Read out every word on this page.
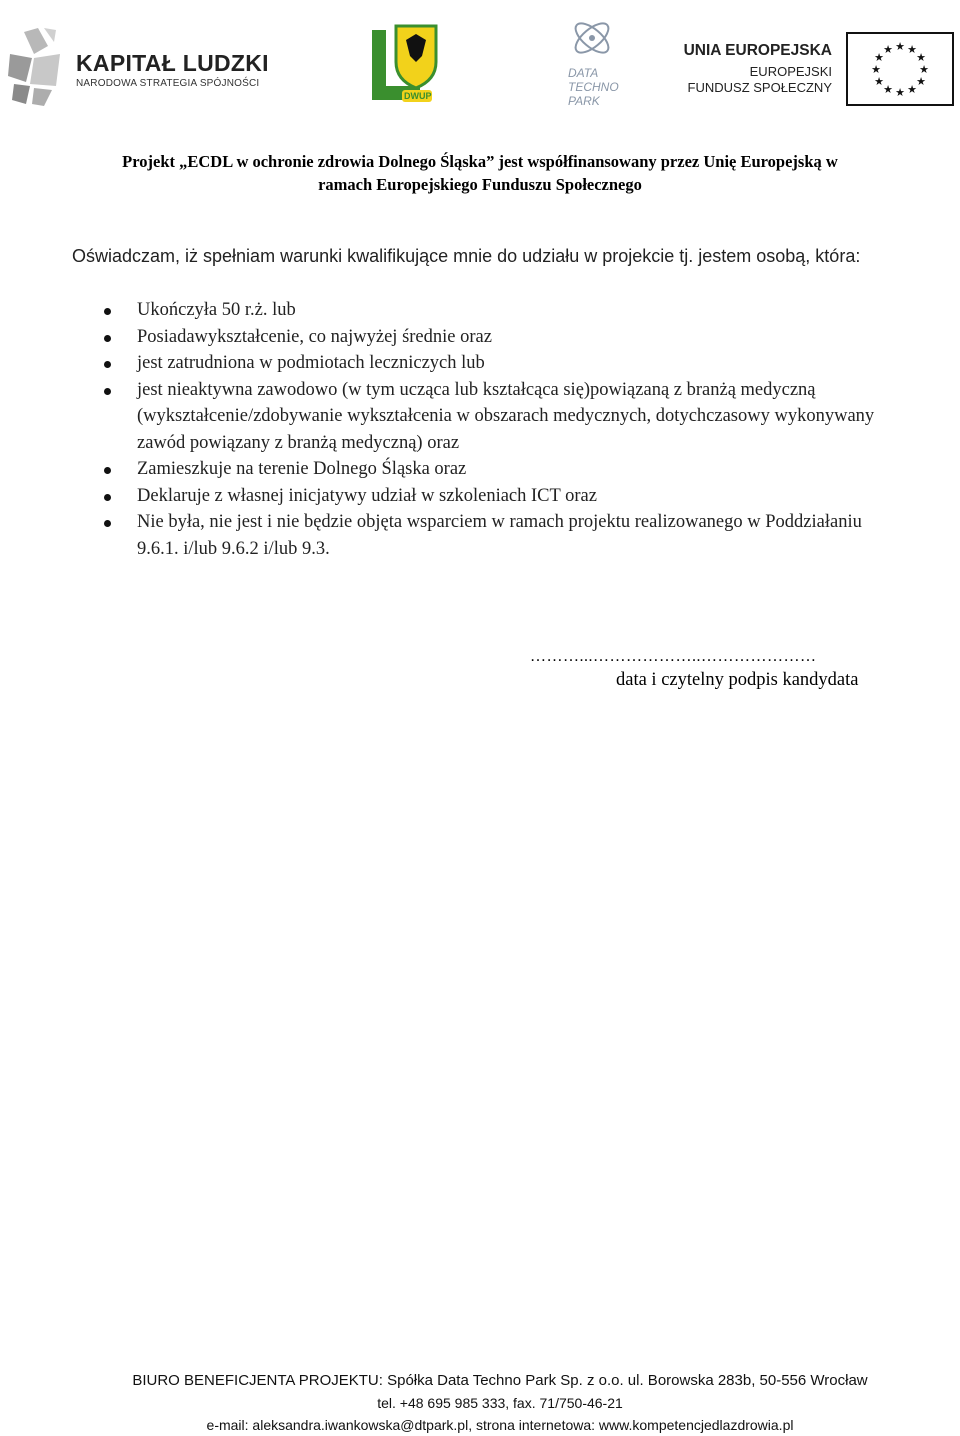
KAPITAŁ LUDZKI
NARODOWA STRATEGIA SPÓJNOŚCI
DWUP
DATA
TECHNO
PARK
UNIA EUROPEJSKA
EUROPEJSKI
FUNDUSZ SPOŁECZNY
★ ★
★
★
★
★
★
★
★
★
★
★
Projekt „ECDL w ochronie zdrowia Dolnego Śląska” jest współfinansowany przez Unię Europejską w
ramach Europejskiego Funduszu Społecznego
Oświadczam, iż spełniam warunki kwalifikujące mnie do udziału w projekcie tj. jestem osobą, która:
Ukończyła 50 r.ż. lub
Posiadawykształcenie, co najwyżej średnie oraz
jest zatrudniona w podmiotach leczniczych lub
jest nieaktywna zawodowo (w tym ucząca lub kształcąca się)powiązaną z branżą medyczną (wykształcenie/zdobywanie wykształcenia w obszarach medycznych, dotychczasowy wykonywany zawód powiązany z branżą medyczną) oraz
Zamieszkuje na terenie Dolnego Śląska oraz
Deklaruje z własnej inicjatywy udział w szkoleniach ICT oraz
Nie była, nie jest i nie będzie objęta wsparciem w ramach projektu realizowanego w Poddziałaniu 9.6.1. i/lub 9.6.2 i/lub 9.3.
………...………………..…………………
data i czytelny podpis kandydata
BIURO BENEFICJENTA PROJEKTU: Spółka Data Techno Park Sp. z o.o. ul. Borowska 283b, 50-556 Wrocław
tel. +48 695 985 333, fax. 71/750-46-21
e-mail: aleksandra.iwankowska@dtpark.pl, strona internetowa: www.kompetencjedlazdrowia.pl
